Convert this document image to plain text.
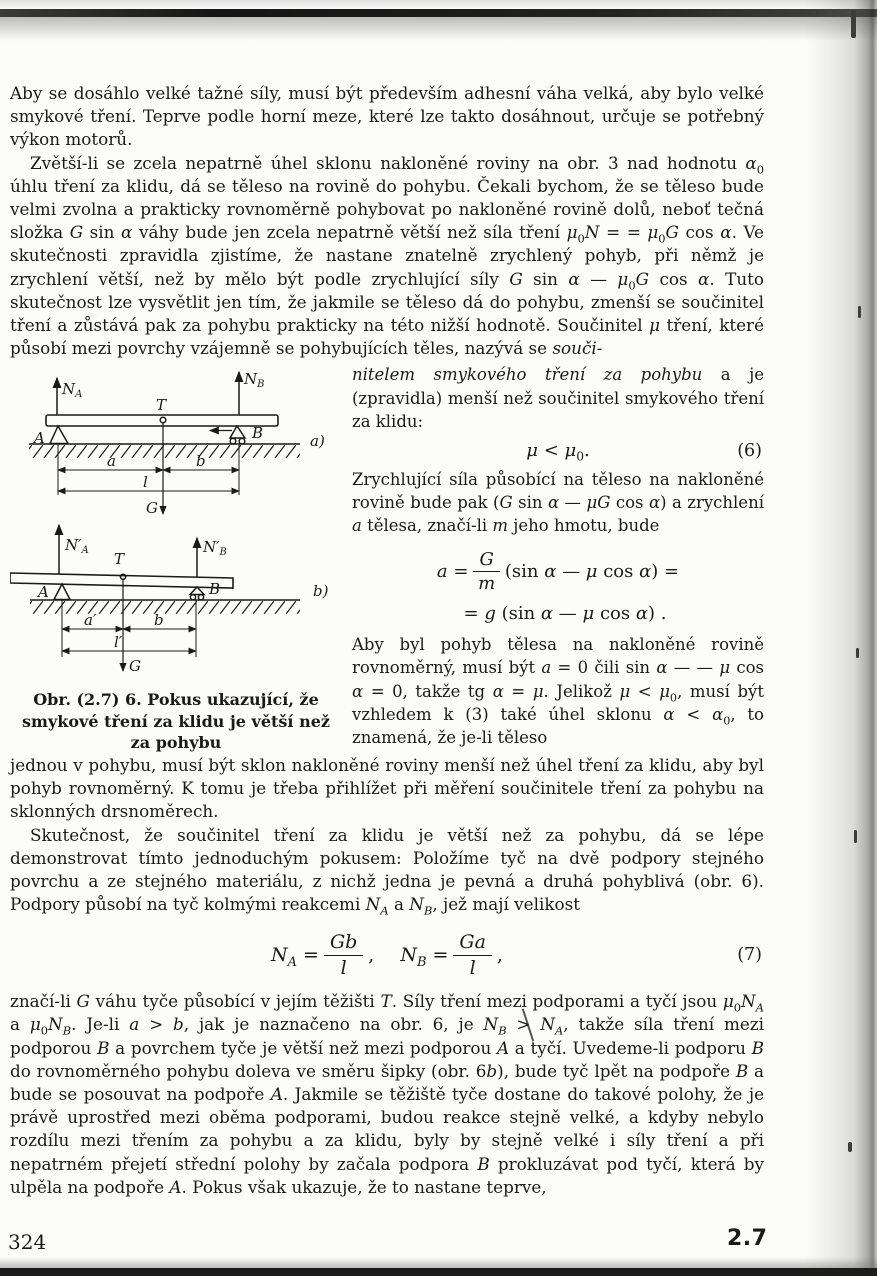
Aby se dosáhlo velké tažné síly, musí být především adhesní váha velká, aby bylo velké smykové tření. Teprve podle horní meze, které lze takto dosáhnout, určuje se potřebný výkon motorů.

Zvětší-li se zcela nepatrně úhel sklonu nakloněné roviny na obr. 3 nad hodnotu $\alpha_0$ úhlu tření za klidu, dá se těleso na rovině do pohybu. Čekali bychom, že se těleso bude velmi zvolna a prakticky rovnoměrně pohybovat po nakloněné rovině dolů, neboť tečná složka G sin α váhy bude jen zcela nepatrně větší než síla tření $\mu_0N$ = = $\mu_0G$ cos α. Ve skutečnosti zpravidla zjistíme, že nastane znatelně zrychlený pohyb, při němž je zrychlení větší, než by mělo být podle zrychlující síly G sin α — $\mu_0G$ cos α. Tuto skutečnost lze vysvětlit jen tím, že jakmile se těleso dá do pohybu, zmenší se součinitel tření a zůstává pak za pohybu prakticky na této nižší hodnotě. Součinitel μ tření, které působí mezi povrchy vzájemně se pohybujících těles, nazývá se souči-

$N_A$
$N_B$
T
A	B
a	b
l
G
a)
$N'_A$	$N'_B$
T
A	B
a′	b
l′
G
b)
Obr. (2.7) 6. Pokus ukazující, že smykové tření za klidu je větší než za pohybu

nitelem smykového tření za pohybu a je (zpravidla) menší než součinitel smykového tření za klidu:

$\mu < \mu_0$.	(6)

Zrychlující síla působící na těleso na nakloněné rovině bude pak (G sin α — μG cos α) a zrychlení a tělesa, značí-li m jeho hmotu, bude

$a = \frac{G}{m} (\sin$ α — μ cos α) =
= g (sin α — μ cos α) .

Aby byl pohyb tělesa na nakloněné rovině rovnoměrný, musí být a = 0 čili sin α — — μ cos α = 0, takže tg α = μ. Jelikož $\mu < \mu_0$, musí být vzhledem k (3) také úhel sklonu $\alpha < \alpha_0$, to znamená, že je-li těleso

jednou v pohybu, musí být sklon nakloněné roviny menší než úhel tření za klidu, aby byl pohyb rovnoměrný. K tomu je třeba přihlížet při měření součinitele tření za pohybu na sklonných drsnoměrech.

Skutečnost, že součinitel tření za klidu je větší než za pohybu, dá se lépe demonstrovat tímto jednoduchým pokusem: Položíme tyč na dvě podpory stejného povrchu a ze stejného materiálu, z nichž jedna je pevná a druhá pohyblivá (obr. 6). Podpory působí na tyč kolmými reakcemi $N_A$ a $N_B$, jež mají velikost

$N_A = \frac{Gb}{l}$ , $N_B = \frac{Ga}{l}$ ,	(7)

značí-li G váhu tyče působící v jejím těžišti T. Síly tření mezi podporami a tyčí jsou $\mu_0N_A$ a $\mu_0N_B$. Je-li a > b, jak je naznačeno na obr. 6, je $N_B > N_A$, takže síla tření mezi podporou B a povrchem tyče je větší než mezi podporou A a tyčí. Uvedeme-li podporu B do rovnoměrného pohybu doleva ve směru šipky (obr. 6b), bude tyč lpět na podpoře B a bude se posouvat na podpoře A. Jakmile se těžiště tyče dostane do takové polohy, že je právě uprostřed mezi oběma podporami, budou reakce stejně velké, a kdyby nebylo rozdílu mezi třením za pohybu a za klidu, byly by stejně velké i síly tření a při nepatrném přejetí střední polohy by začala podpora B prokluzávat pod tyčí, která by ulpěla na podpoře A. Pokus však ukazuje, že to nastane teprve,

324	2.7
